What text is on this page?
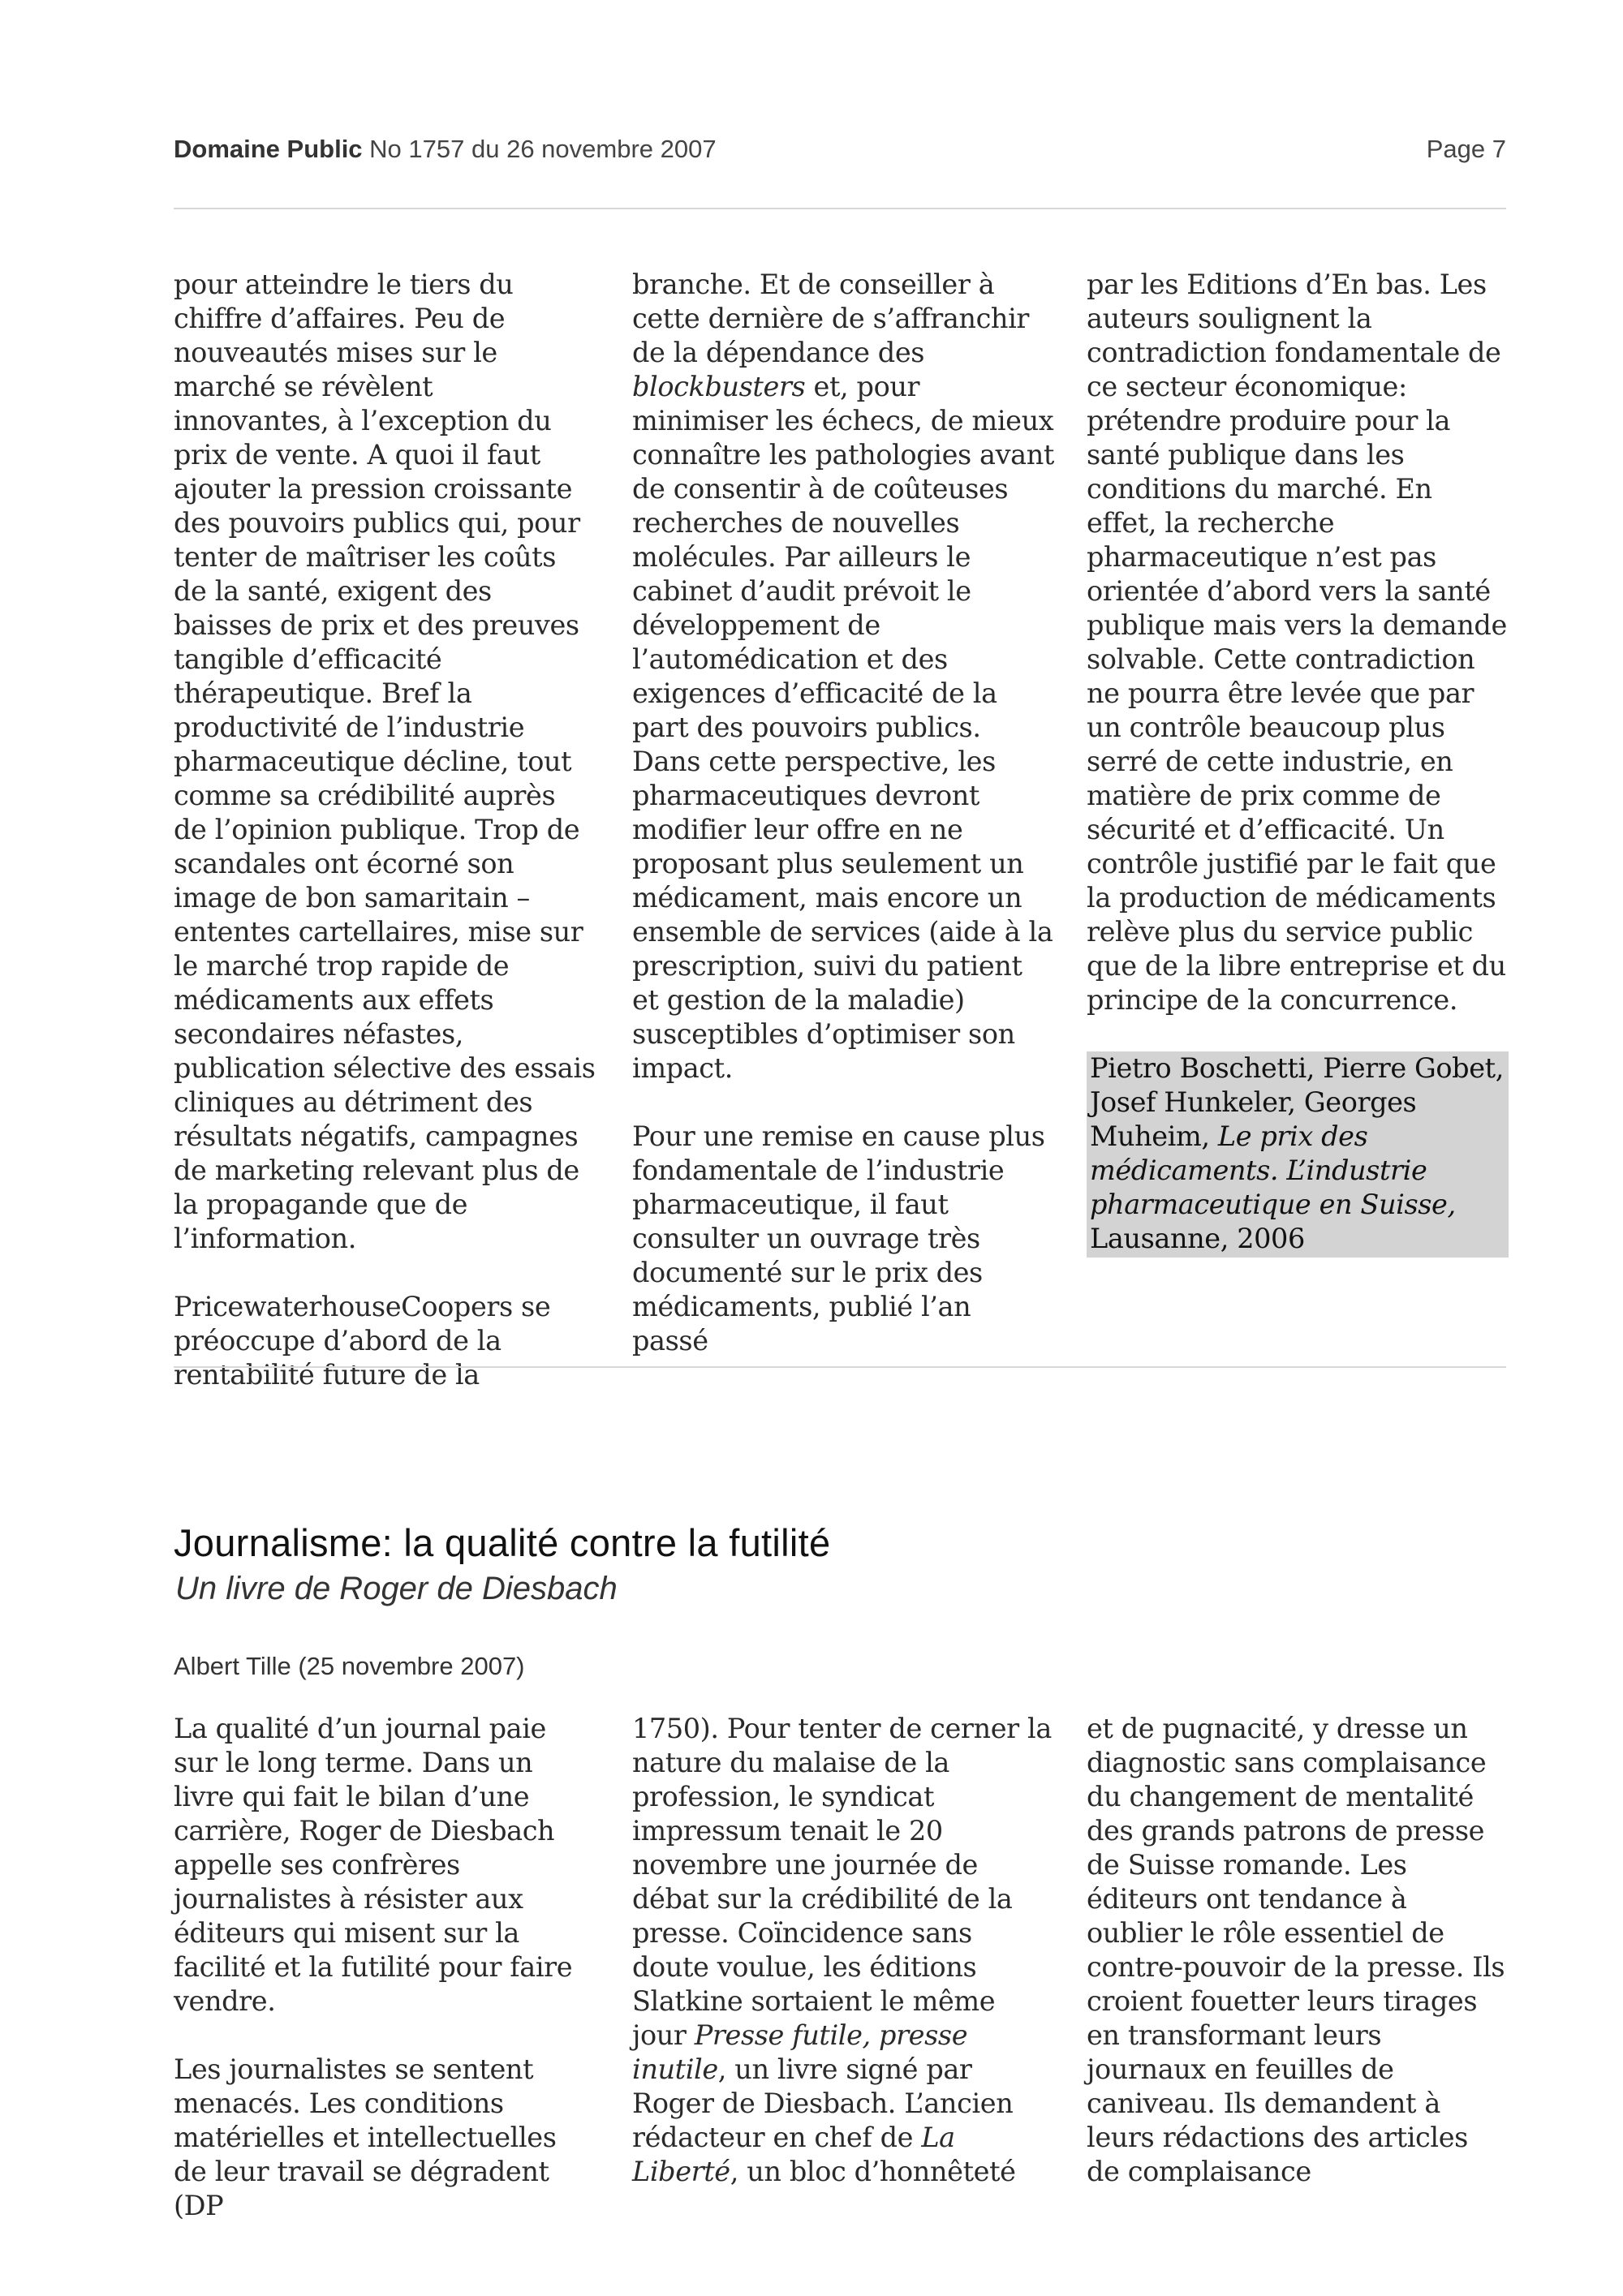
Domaine Public No 1757 du 26 novembre 2007	Page 7

pour atteindre le tiers du chiffre d’affaires. Peu de nouveautés mises sur le marché se révèlent innovantes, à l’exception du prix de vente. A quoi il faut ajouter la pression croissante des pouvoirs publics qui, pour tenter de maîtriser les coûts de la santé, exigent des baisses de prix et des preuves tangible d’efficacité thérapeutique. Bref la productivité de l’industrie pharmaceutique décline, tout comme sa crédibilité auprès de l’opinion publique. Trop de scandales ont écorné son image de bon samaritain – ententes cartellaires, mise sur le marché trop rapide de médicaments aux effets secondaires néfastes, publication sélective des essais cliniques au détriment des résultats négatifs, campagnes de marketing relevant plus de la propagande que de l’information.

PricewaterhouseCoopers se préoccupe d’abord de la rentabilité future de la

branche. Et de conseiller à cette dernière de s’affranchir de la dépendance des blockbusters et, pour minimiser les échecs, de mieux connaître les pathologies avant de consentir à de coûteuses recherches de nouvelles molécules. Par ailleurs le cabinet d’audit prévoit le développement de l’automédication et des exigences d’efficacité de la part des pouvoirs publics. Dans cette perspective, les pharmaceutiques devront modifier leur offre en ne proposant plus seulement un médicament, mais encore un ensemble de services (aide à la prescription, suivi du patient et gestion de la maladie) susceptibles d’optimiser son impact.

Pour une remise en cause plus fondamentale de l’industrie pharmaceutique, il faut consulter un ouvrage très documenté sur le prix des médicaments, publié l’an passé

par les Editions d’En bas. Les auteurs soulignent la contradiction fondamentale de ce secteur économique: prétendre produire pour la santé publique dans les conditions du marché. En effet, la recherche pharmaceutique n’est pas orientée d’abord vers la santé publique mais vers la demande solvable. Cette contradiction ne pourra être levée que par un contrôle beaucoup plus serré de cette industrie, en matière de prix comme de sécurité et d’efficacité. Un contrôle justifié par le fait que la production de médicaments relève plus du service public que de la libre entreprise et du principe de la concurrence.

Pietro Boschetti, Pierre Gobet, Josef Hunkeler, Georges Muheim, Le prix des médicaments. L’industrie pharmaceutique en Suisse, Lausanne, 2006

Journalisme: la qualité contre la futilité
Un livre de Roger de Diesbach
Albert Tille (25 novembre 2007)

La qualité d’un journal paie sur le long terme. Dans un livre qui fait le bilan d’une carrière, Roger de Diesbach appelle ses confrères journalistes à résister aux éditeurs qui misent sur la facilité et la futilité pour faire vendre.

Les journalistes se sentent menacés. Les conditions matérielles et intellectuelles de leur travail se dégradent (DP

1750). Pour tenter de cerner la nature du malaise de la profession, le syndicat impressum tenait le 20 novembre une journée de débat sur la crédibilité de la presse. Coïncidence sans doute voulue, les éditions Slatkine sortaient le même jour Presse futile, presse inutile, un livre signé par Roger de Diesbach. L’ancien rédacteur en chef de La Liberté, un bloc d’honnêteté

et de pugnacité, y dresse un diagnostic sans complaisance du changement de mentalité des grands patrons de presse de Suisse romande. Les éditeurs ont tendance à oublier le rôle essentiel de contre-pouvoir de la presse. Ils croient fouetter leurs tirages en transformant leurs journaux en feuilles de caniveau. Ils demandent à leurs rédactions des articles de complaisance
